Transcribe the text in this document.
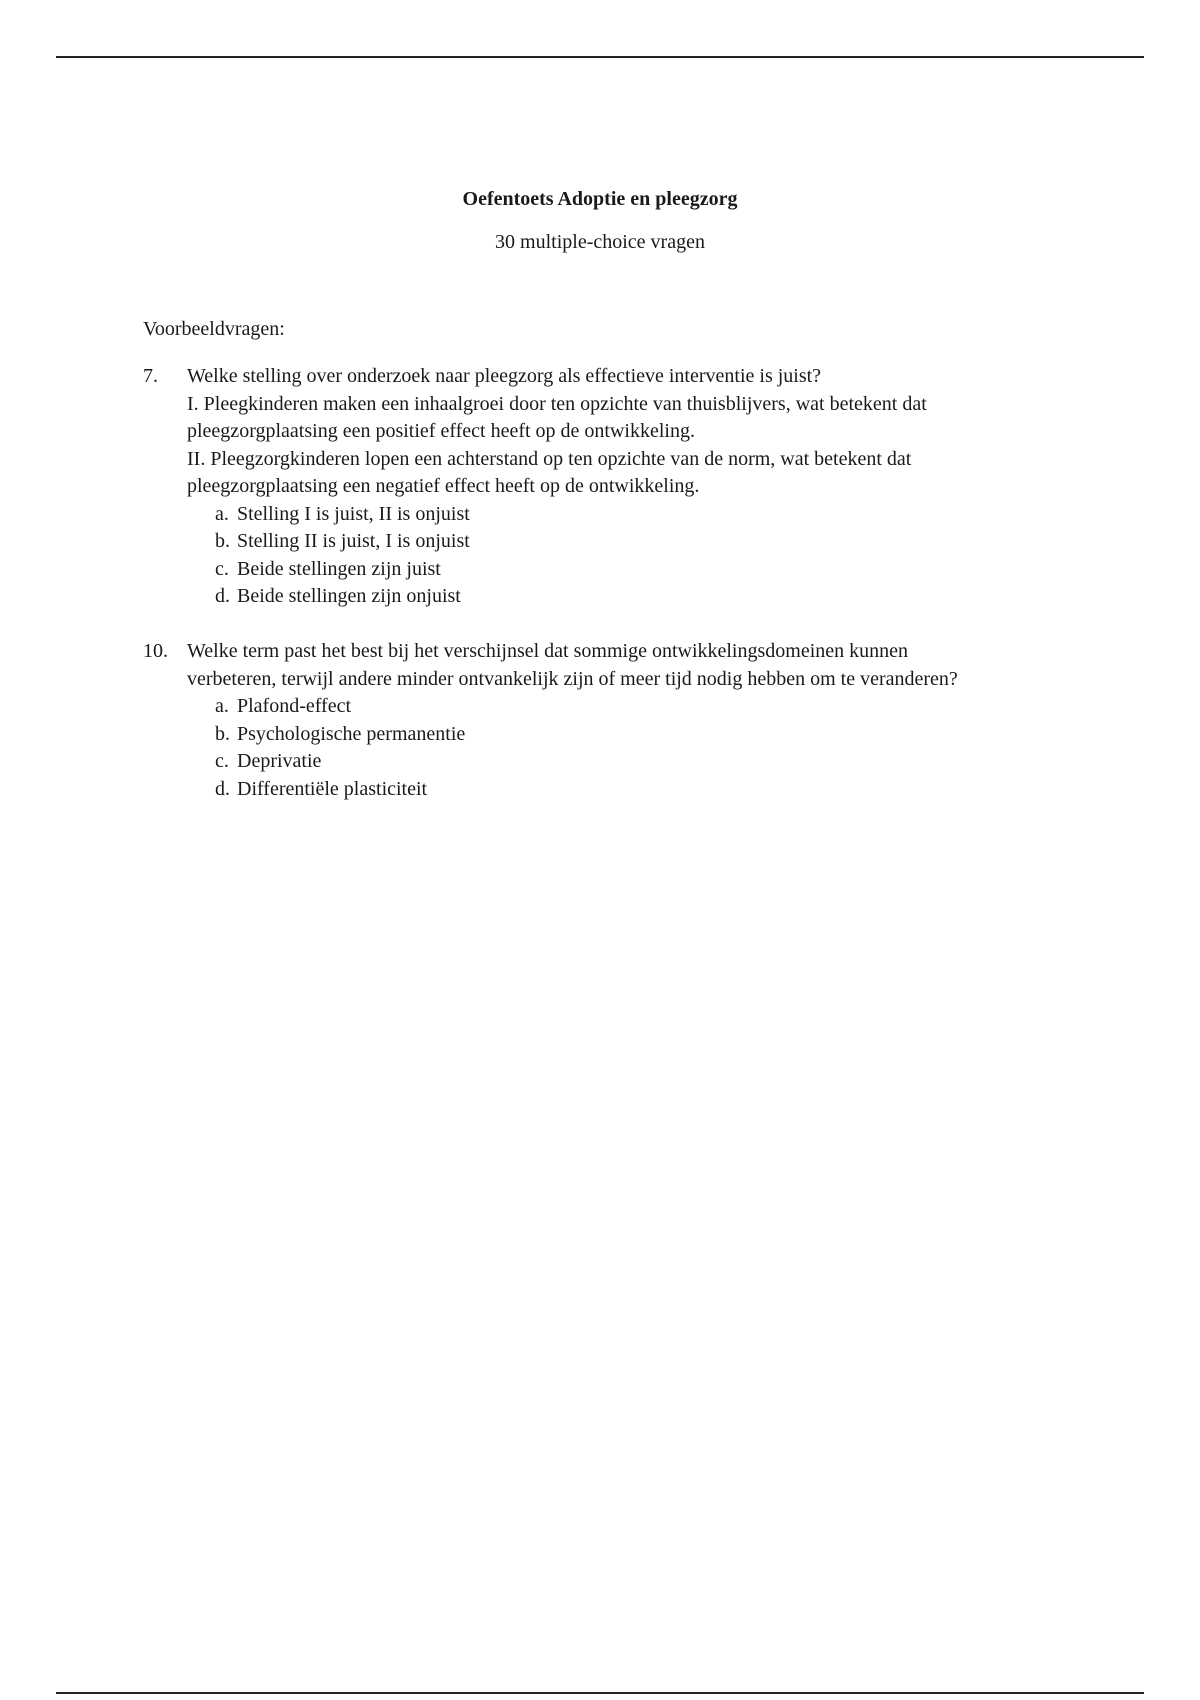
Oefentoets Adoptie en pleegzorg
30 multiple-choice vragen
Voorbeeldvragen:
7. Welke stelling over onderzoek naar pleegzorg als effectieve interventie is juist?
I. Pleegkinderen maken een inhaalgroei door ten opzichte van thuisblijvers, wat betekent dat
pleegzorgplaatsing een positief effect heeft op de ontwikkeling.
II. Pleegzorgkinderen lopen een achterstand op ten opzichte van de norm, wat betekent dat
pleegzorgplaatsing een negatief effect heeft op de ontwikkeling.
a. Stelling I is juist, II is onjuist
b. Stelling II is juist, I is onjuist
c. Beide stellingen zijn juist
d. Beide stellingen zijn onjuist
10. Welke term past het best bij het verschijnsel dat sommige ontwikkelingsdomeinen kunnen
verbeteren, terwijl andere minder ontvankelijk zijn of meer tijd nodig hebben om te veranderen?
a. Plafond-effect
b. Psychologische permanentie
c. Deprivatie
d. Differentiële plasticiteit
